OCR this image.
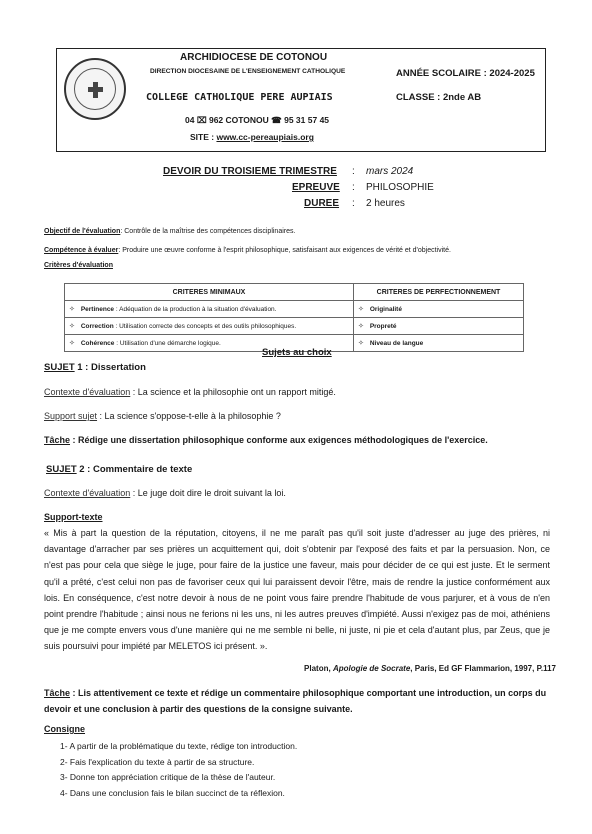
ARCHIDIOCESE DE COTONOU
DIRECTION DIOCESAINE DE L'ENSEIGNEMENT CATHOLIQUE	ANNÉE SCOLAIRE : 2024-2025
COLLEGE CATHOLIQUE PERE AUPIAIS	CLASSE : 2nde AB
04 ⌧ 962 COTONOU ☎ 95 31 57 45
SITE : www.cc-pereaupiais.org
DEVOIR DU TROISIEME TRIMESTRE : mars 2024
EPREUVE : PHILOSOPHIE
DUREE : 2 heures
Objectif de l'évaluation: Contrôle de la maîtrise des compétences disciplinaires.
Compétence à évaluer: Produire une œuvre conforme à l'esprit philosophique, satisfaisant aux exigences de vérité et d'objectivité.
Critères d'évaluation
CRITERES MINIMAUX	CRITERES DE PERFECTIONNEMENT
✧ Pertinence : Adéquation de la production à la situation d'évaluation.	✧ Originalité
✧ Correction : Utilisation correcte des concepts et des outils philosophiques.	✧ Propreté
✧ Cohérence : Utilisation d'une démarche logique.	✧ Niveau de langue
Sujets au choix
SUJET 1 : Dissertation
Contexte d'évaluation : La science et la philosophie ont un rapport mitigé.
Support sujet : La science s'oppose-t-elle à la philosophie ?
Tâche : Rédige une dissertation philosophique conforme aux exigences méthodologiques de l'exercice.
SUJET 2 : Commentaire de texte
Contexte d'évaluation : Le juge doit dire le droit suivant la loi.
Support-texte
« Mis à part la question de la réputation, citoyens, il ne me paraît pas qu'il soit juste d'adresser au juge des prières, ni davantage d'arracher par ses prières un acquittement qui, doit s'obtenir par l'exposé des faits et par la persuasion. Non, ce n'est pas pour cela que siège le juge, pour faire de la justice une faveur, mais pour décider de ce qui est juste. Et le serment qu'il a prêté, c'est celui non pas de favoriser ceux qui lui paraissent devoir l'être, mais de rendre la justice conformément aux lois. En conséquence, c'est notre devoir à nous de ne point vous faire prendre l'habitude de vous parjurer, et à vous de n'en point prendre l'habitude ; ainsi nous ne ferions ni les uns, ni les autres preuves d'impiété. Aussi n'exigez pas de moi, athéniens que je me compte envers vous d'une manière qui ne me semble ni belle, ni juste, ni pie et cela d'autant plus, par Zeus, que je suis poursuivi pour impiété par MELETOS ici présent. ».
Platon, Apologie de Socrate, Paris, Ed GF Flammarion, 1997, P.117
Tâche : Lis attentivement ce texte et rédige un commentaire philosophique comportant une introduction, un corps du devoir et une conclusion à partir des questions de la consigne suivante.
Consigne
1- A partir de la problématique du texte, rédige ton introduction.
2- Fais l'explication du texte à partir de sa structure.
3- Donne ton appréciation critique de la thèse de l'auteur.
4- Dans une conclusion fais le bilan succinct de ta réflexion.
